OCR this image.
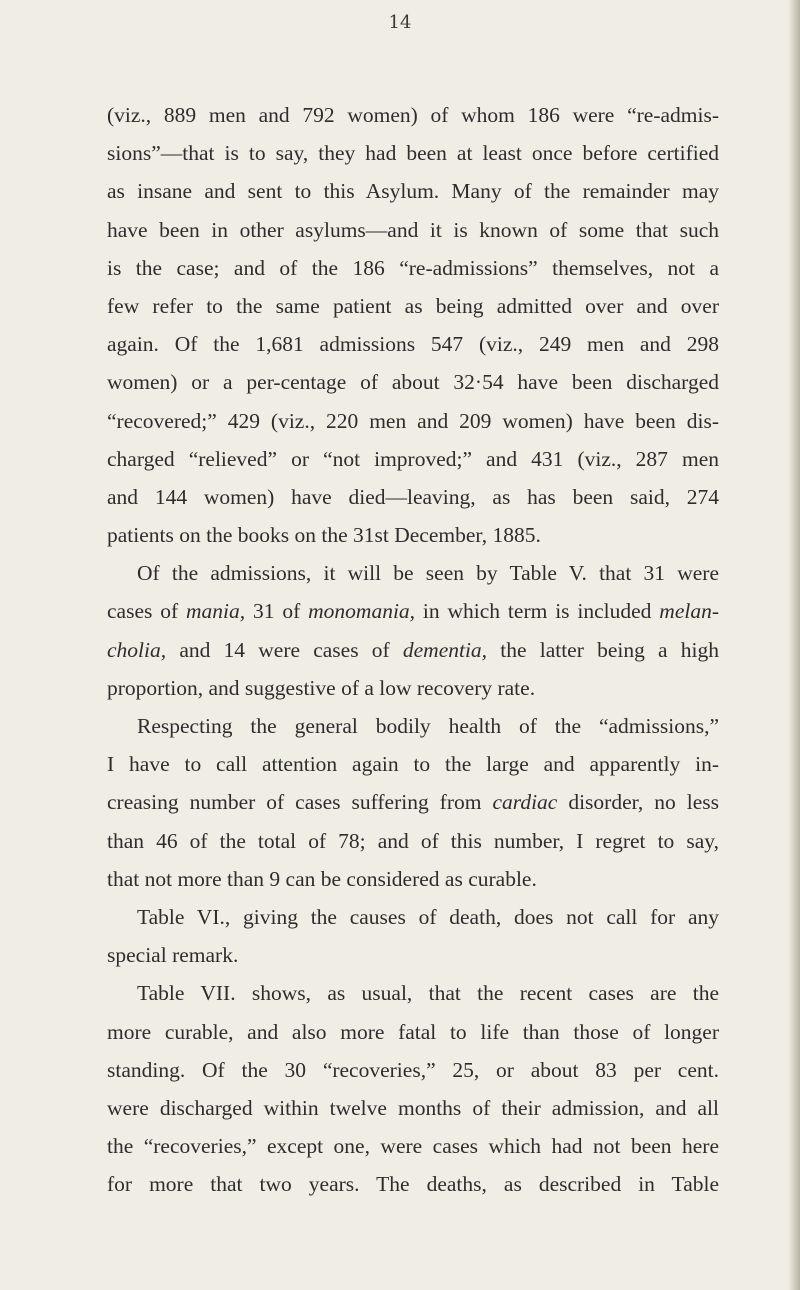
14
(viz., 889 men and 792 women) of whom 186 were “re-admis-
sions”—that is to say, they had been at least once before certified
as insane and sent to this Asylum. Many of the remainder may
have been in other asylums—and it is known of some that such
is the case; and of the 186 “re-admissions” themselves, not a
few refer to the same patient as being admitted over and over
again. Of the 1,681 admissions 547 (viz., 249 men and 298
women) or a per-centage of about 32·54 have been discharged
“recovered;” 429 (viz., 220 men and 209 women) have been dis-
charged “relieved” or “not improved;” and 431 (viz., 287 men
and 144 women) have died—leaving, as has been said, 274
patients on the books on the 31st December, 1885.
Of the admissions, it will be seen by Table V. that 31 were
cases of mania, 31 of monomania, in which term is included melan-
cholia, and 14 were cases of dementia, the latter being a high
proportion, and suggestive of a low recovery rate.
Respecting the general bodily health of the “admissions,”
I have to call attention again to the large and apparently in-
creasing number of cases suffering from cardiac disorder, no less
than 46 of the total of 78; and of this number, I regret to say,
that not more than 9 can be considered as curable.
Table VI., giving the causes of death, does not call for any
special remark.
Table VII. shows, as usual, that the recent cases are the
more curable, and also more fatal to life than those of longer
standing. Of the 30 “recoveries,” 25, or about 83 per cent.
were discharged within twelve months of their admission, and all
the “recoveries,” except one, were cases which had not been here
for more that two years. The deaths, as described in Table
